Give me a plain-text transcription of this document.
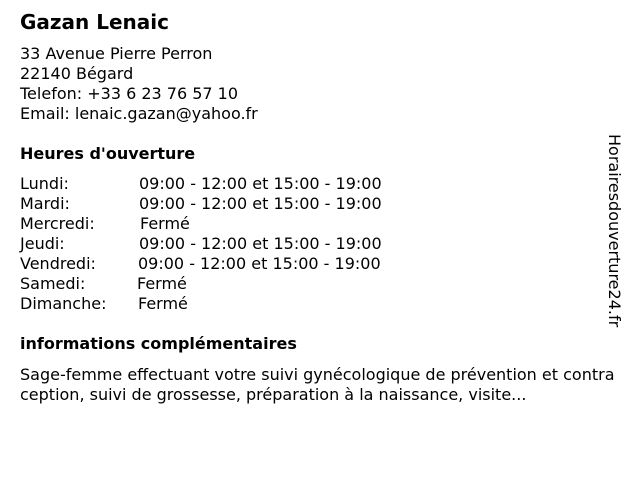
Gazan Lenaic
33 Avenue Pierre Perron
22140 Bégard
Telefon: +33 6 23 76 57 10
Email: lenaic.gazan@yahoo.fr
Heures d'ouverture
Lundi:	09:00 - 12:00 et 15:00 - 19:00
Mardi:	09:00 - 12:00 et 15:00 - 19:00
Mercredi:	Fermé
Jeudi:	09:00 - 12:00 et 15:00 - 19:00
Vendredi:	09:00 - 12:00 et 15:00 - 19:00
Samedi:	Fermé
Dimanche: Fermé
informations complémentaires
Sage-femme effectuant votre suivi gynécologique de prévention et contraception, suivi de grossesse, préparation à la naissance, visite...
Horairesdouverture24.fr
